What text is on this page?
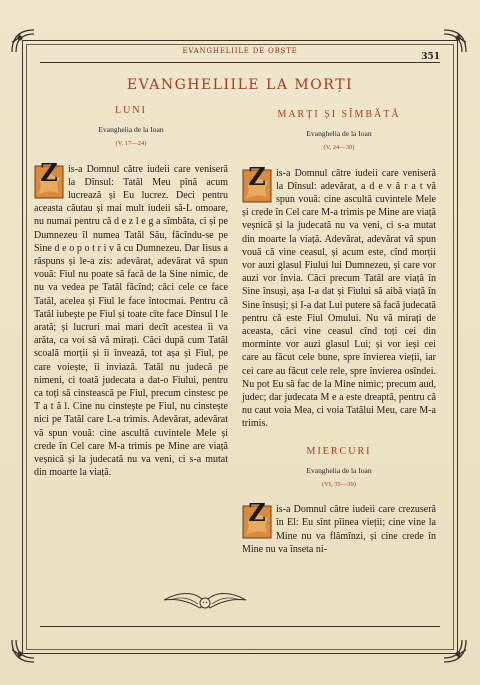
EVANGHELIILE DE OBȘTE
351
EVANGHELIILE LA MORȚI
LUNI
Evanghelia de la Ioan
(V, 17—24)
Z	is-a Domnul către iudeii care veniseră la Dînsul: Tatăl Meu pînă acum lucrează și Eu lucrez. Deci pentru aceasta căutau și mai mult iudeii să-L omoare, nu numai pentru că d e z l e g a sîmbăta, ci și pe Dumnezeu îl numea Tatăl Său, făcîndu-se pe Sine d e o p o t r i v ă cu Dumnezeu. Dar Iisus a răspuns și le-a zis: adevărat, adevărat vă spun vouă: Fiul nu poate să facă de la Sine nimic, de nu va vedea pe Tatăl făcînd; căci cele ce face Tatăl, acelea și Fiul le face întocmai. Pentru că Tatăl iubește pe Fiul și toate cîte face Dînsul I le arată; și lucruri mai mari decît acestea îi va arăta, ca voi să vă mirați. Căci după cum Tatăl scoală morții și îi învează, tot așa și Fiul, pe care voiește, îi inviază. Tatăl nu judecă pe nimeni, ci toată judecata a dat-o Fiului, pentru ca toți să cinstească pe Fiul, precum cinstesc pe T a t ă l. Cine nu cinstește pe Fiul, nu cinstește nici pe Tatăl care L-a trimis. Adevărat, adevărat vă spun vouă: cine ascultă cuvintele Mele și crede în Cel care M-a trimis pe Mine are viață veșnică și la judecată nu va veni, ci s-a mutat din moarte la viață.
MARȚI ȘI SÎMBĂTĂ
Evanghelia de la Ioan
(V, 24—30)
Z	is-a Domnul către iudeii care veniseră la Dînsul: adevărat, a d e v ă r a t vă spun vouă: cine ascultă cuvintele Mele și crede în Cel care M-a trimis pe Mine are viață veșnică și la judecată nu va veni, ci s-a mutat din moarte la viață. Adevărat, adevărat vă spun vouă că vine ceasul, și acum este, cînd morții vor auzi glasul Fiului lui Dumnezeu, și care vor auzi vor învia. Căci precum Tatăl are viață în Sine însuși, așa I-a dat și Fiului să aibă viață în Sine însuși; și I-a dat Lui putere să facă judecată pentru că este Fiul Omului. Nu vă mirați de aceasta, căci vine ceasul cînd toți cei din morminte vor auzi glasul Lui; și vor ieși cei care au făcut cele bune, spre învierea vieții, iar cei care au făcut cele rele, spre învierea osîndei. Nu pot Eu să fac de la Mine nimic; precum aud, judec; dar judecata M e a este dreaptă, pentru că nu caut voia Mea, ci voia Tatălui Meu, care M-a trimis.
MIERCURI
Evanghelia de la Ioan
(VI, 35—39)
Z	is-a Domnul către iudeii care crezuseră în El: Eu sînt pîinea vieții; cine vine la Mine nu va flămînzi, și cine crede în Mine nu va înseta ni-
